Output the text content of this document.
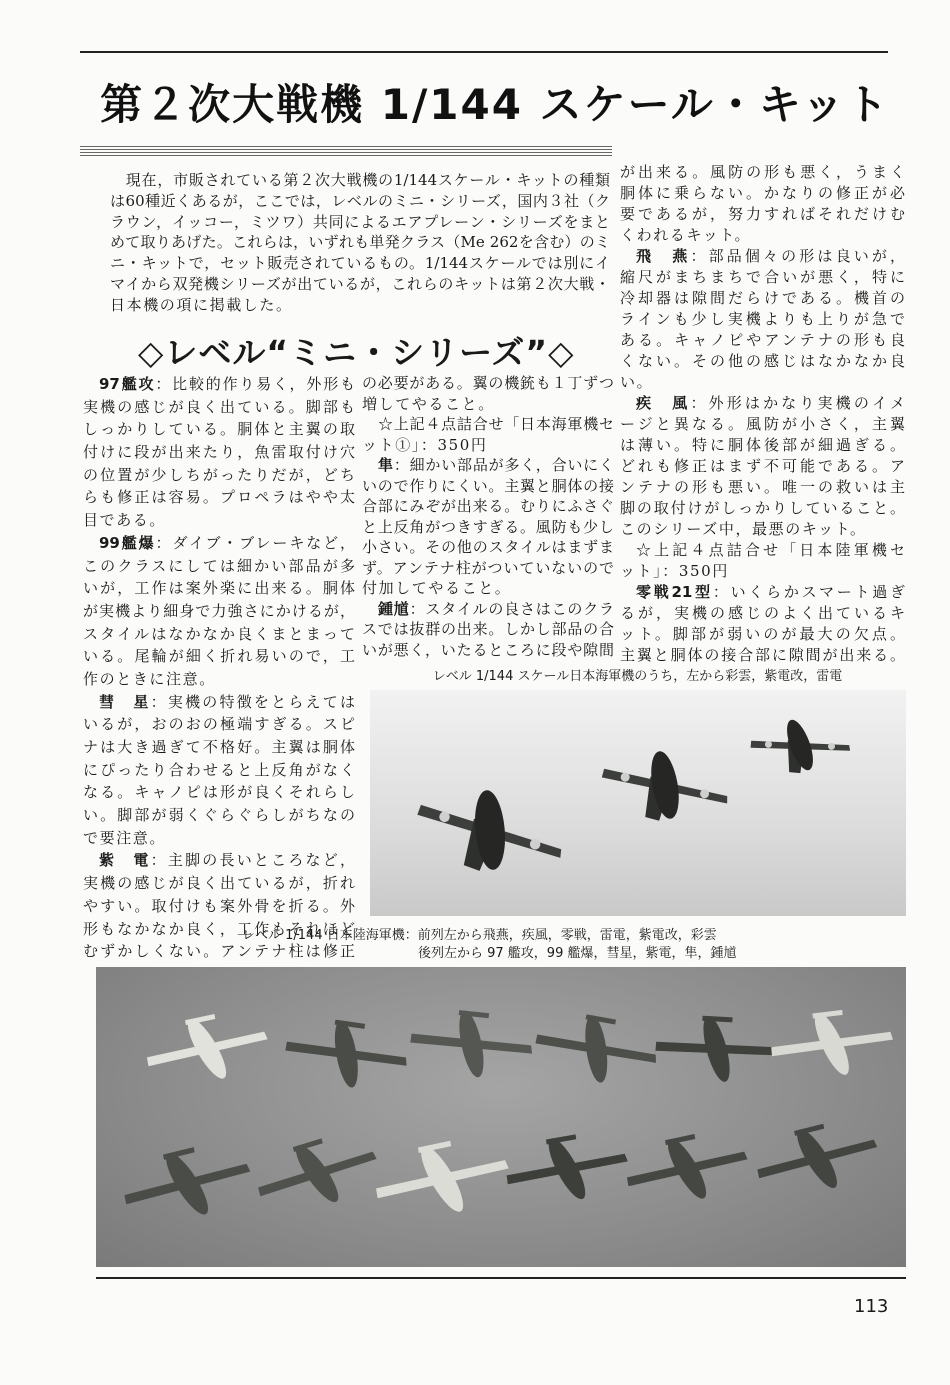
第２次大戦機 1/144 スケール・キット
　現在，市販されている第２次大戦機の1/144スケール・キットの種類
は60種近くあるが，ここでは，レベルのミニ・シリーズ，国内３社（ク
ラウン，イッコー，ミツワ）共同によるエアプレーン・シリーズをまと
めて取りあげた。これらは，いずれも単発クラス（Me 262を含む）のミ
ニ・キットで，セット販売されているもの。1/144スケールでは別にイ
マイから双発機シリーズが出ているが，これらのキットは第２次大戦・
日本機の項に掲載した。
◇レベル“ミニ・シリーズ”◇
97艦攻：比較的作り易く，外形も
実機の感じが良く出ている。脚部も
しっかりしている。胴体と主翼の取
付けに段が出来たり，魚雷取付け穴
の位置が少しちがったりだが，どち
らも修正は容易。プロペラはやや太
目である。
99艦爆：ダイブ・ブレーキなど，
このクラスにしては細かい部品が多
いが，工作は案外楽に出来る。胴体
が実機より細身で力強さにかけるが，
スタイルはなかなか良くまとまって
いる。尾輪が細く折れ易いので，工
作のときに注意。
彗　星：実機の特徴をとらえては
いるが，おのおの極端すぎる。スピ
ナは大き過ぎて不格好。主翼は胴体
にぴったり合わせると上反角がなく
なる。キャノピは形が良くそれらし
い。脚部が弱くぐらぐらしがちなの
で要注意。
紫　電：主脚の長いところなど，
実機の感じが良く出ているが，折れ
やすい。取付けも案外骨を折る。外
形もなかなか良く，工作もそれほど
むずかしくない。アンテナ柱は修正
の必要がある。翼の機銃も１丁ずつ
増してやること。
☆上記４点詰合せ「日本海軍機セ
ット①」：350円
隼：細かい部品が多く，合いにく
いので作りにくい。主翼と胴体の接
合部にみぞが出来る。むりにふさぐ
と上反角がつきすぎる。風防も少し
小さい。その他のスタイルはまずま
ず。アンテナ柱がついていないので
付加してやること。
鍾馗：スタイルの良さはこのクラ
スでは抜群の出来。しかし部品の合
いが悪く，いたるところに段や隙間
が出来る。風防の形も悪く，うまく
胴体に乗らない。かなりの修正が必
要であるが，努力すればそれだけむ
くわれるキット。
飛　燕：部品個々の形は良いが，
縮尺がまちまちで合いが悪く，特に
冷却器は隙間だらけである。機首の
ラインも少し実機よりも上りが急で
ある。キャノピやアンテナの形も良
くない。その他の感じはなかなか良
い。
疾　風：外形はかなり実機のイメ
ージと異なる。風防が小さく，主翼
は薄い。特に胴体後部が細過ぎる。
どれも修正はまず不可能である。ア
ンテナの形も悪い。唯一の救いは主
脚の取付けがしっかりしていること。
このシリーズ中，最悪のキット。
☆上記４点詰合せ「日本陸軍機セ
ット」：350円
零戦21型：いくらかスマート過ぎ
るが，実機の感じのよく出ているキ
ット。脚部が弱いのが最大の欠点。
主翼と胴体の接合部に隙間が出来る。
レベル 1/144 スケール日本海軍機のうち，左から彩雲，紫電改，雷電
レベル 1/144 日本陸海軍機：前列左から飛燕，疾風，零戦，雷電，紫電改，彩雲
後列左から 97 艦攻，99 艦爆，彗星，紫電，隼，鍾馗
113
